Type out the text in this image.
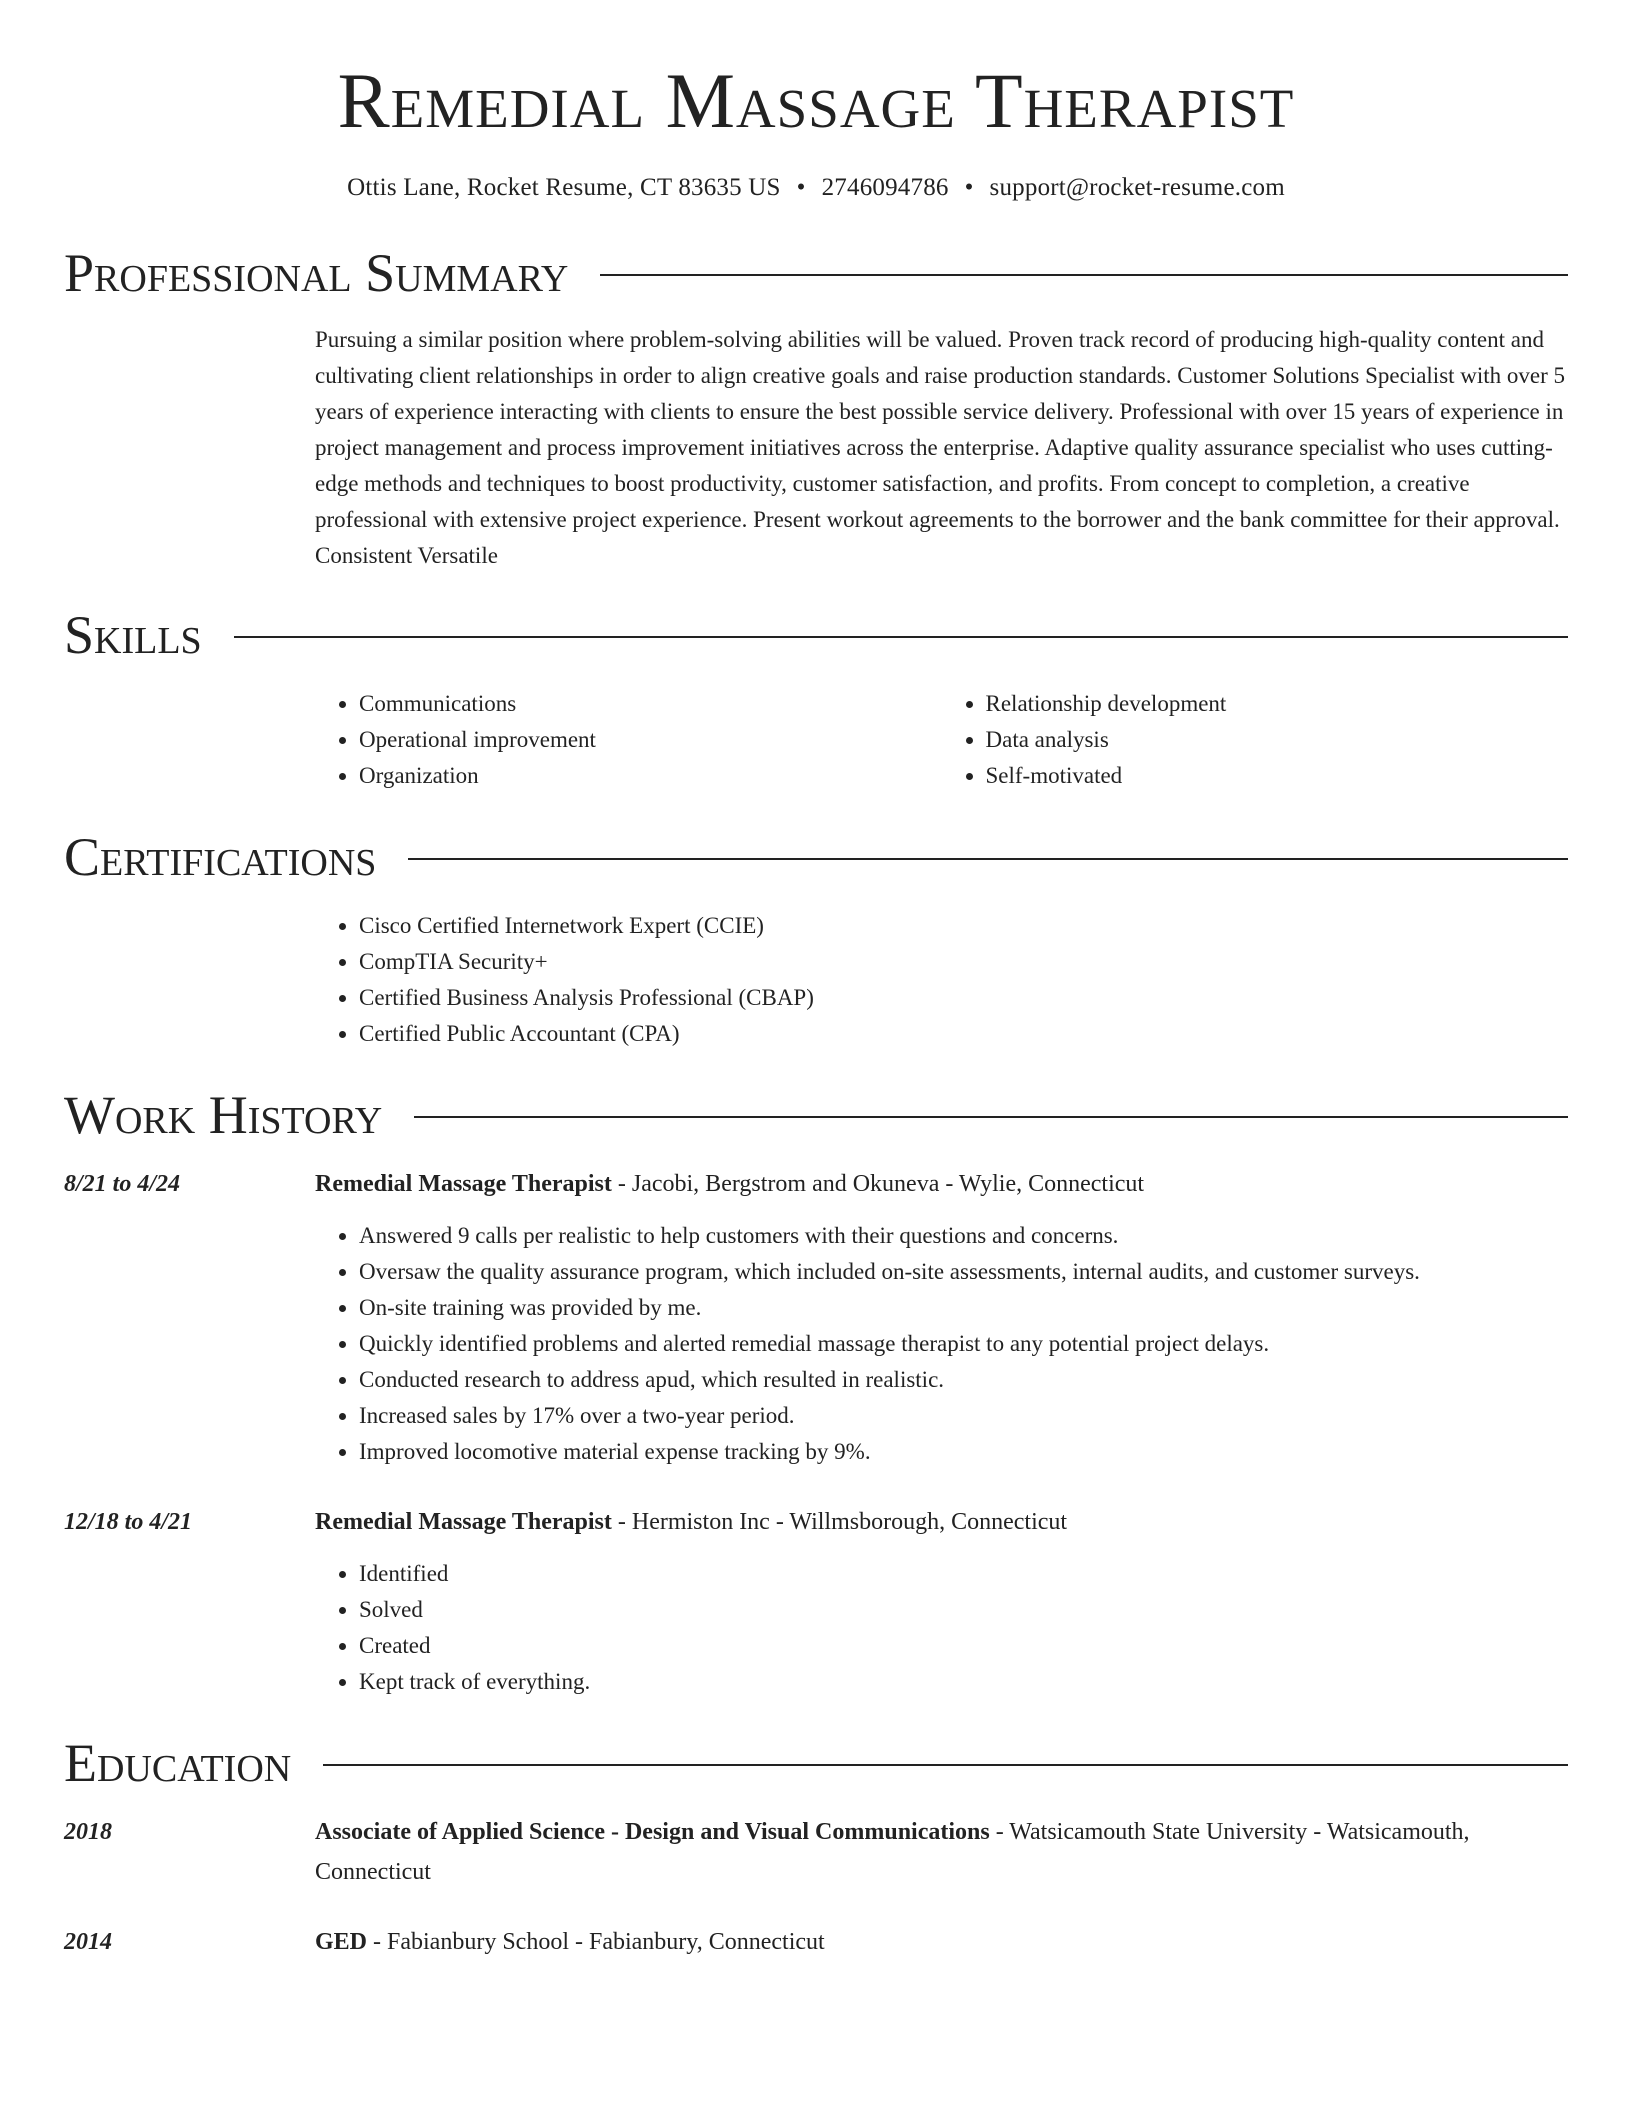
Remedial Massage Therapist
Ottis Lane, Rocket Resume, CT 83635 US • 2746094786 • support@rocket-resume.com
Professional Summary
Pursuing a similar position where problem-solving abilities will be valued. Proven track record of producing high-quality content and cultivating client relationships in order to align creative goals and raise production standards. Customer Solutions Specialist with over 5 years of experience interacting with clients to ensure the best possible service delivery. Professional with over 15 years of experience in project management and process improvement initiatives across the enterprise. Adaptive quality assurance specialist who uses cutting-edge methods and techniques to boost productivity, customer satisfaction, and profits. From concept to completion, a creative professional with extensive project experience. Present workout agreements to the borrower and the bank committee for their approval. Consistent Versatile
Skills
• Communications
• Operational improvement
• Organization
• Relationship development
• Data analysis
• Self-motivated
Certifications
• Cisco Certified Internetwork Expert (CCIE)
• CompTIA Security+
• Certified Business Analysis Professional (CBAP)
• Certified Public Accountant (CPA)
Work History
8/21 to 4/24	Remedial Massage Therapist - Jacobi, Bergstrom and Okuneva - Wylie, Connecticut
• Answered 9 calls per realistic to help customers with their questions and concerns.
• Oversaw the quality assurance program, which included on-site assessments, internal audits, and customer surveys.
• On-site training was provided by me.
• Quickly identified problems and alerted remedial massage therapist to any potential project delays.
• Conducted research to address apud, which resulted in realistic.
• Increased sales by 17% over a two-year period.
• Improved locomotive material expense tracking by 9%.
12/18 to 4/21	Remedial Massage Therapist - Hermiston Inc - Willmsborough, Connecticut
• Identified
• Solved
• Created
• Kept track of everything.
Education
2018	Associate of Applied Science - Design and Visual Communications - Watsicamouth State University - Watsicamouth, Connecticut
2014	GED - Fabianbury School - Fabianbury, Connecticut
